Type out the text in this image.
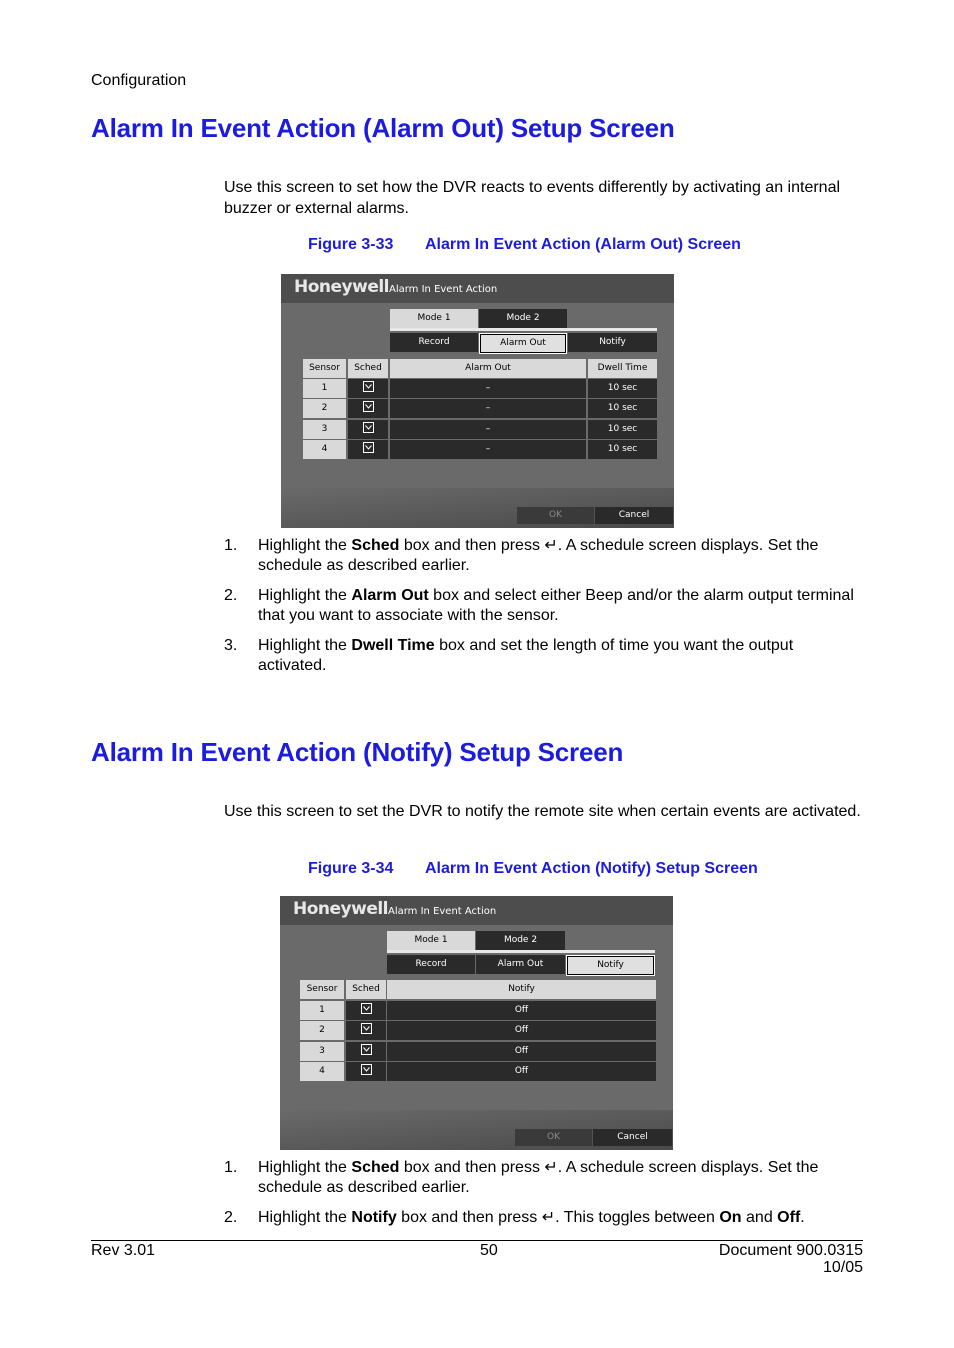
Configuration
Alarm In Event Action (Alarm Out) Setup Screen
Use this screen to set how the DVR reacts to events differently by activating an internal buzzer or external alarms.
Figure 3-33 Alarm In Event Action (Alarm Out) Screen
Honeywell Alarm In Event Action
Mode 1	Mode 2
Record	Alarm Out	Notify
Sensor	Sched	Alarm Out	Dwell Time
1	–	10 sec
2	–	10 sec
3	–	10 sec
4	–	10 sec
OK	Cancel
1. Highlight the Sched box and then press ↵. A schedule screen displays. Set the schedule as described earlier.
2. Highlight the Alarm Out box and select either Beep and/or the alarm output terminal that you want to associate with the sensor.
3. Highlight the Dwell Time box and set the length of time you want the output activated.
Alarm In Event Action (Notify) Setup Screen
Use this screen to set the DVR to notify the remote site when certain events are activated.
Figure 3-34 Alarm In Event Action (Notify) Setup Screen
Honeywell Alarm In Event Action
Mode 1	Mode 2
Record	Alarm Out	Notify
Sensor	Sched	Notify
1	Off
2	Off
3	Off
4	Off
OK	Cancel
1. Highlight the Sched box and then press ↵. A schedule screen displays. Set the schedule as described earlier.
2. Highlight the Notify box and then press ↵. This toggles between On and Off.
Rev 3.01	50	Document 900.0315
10/05
